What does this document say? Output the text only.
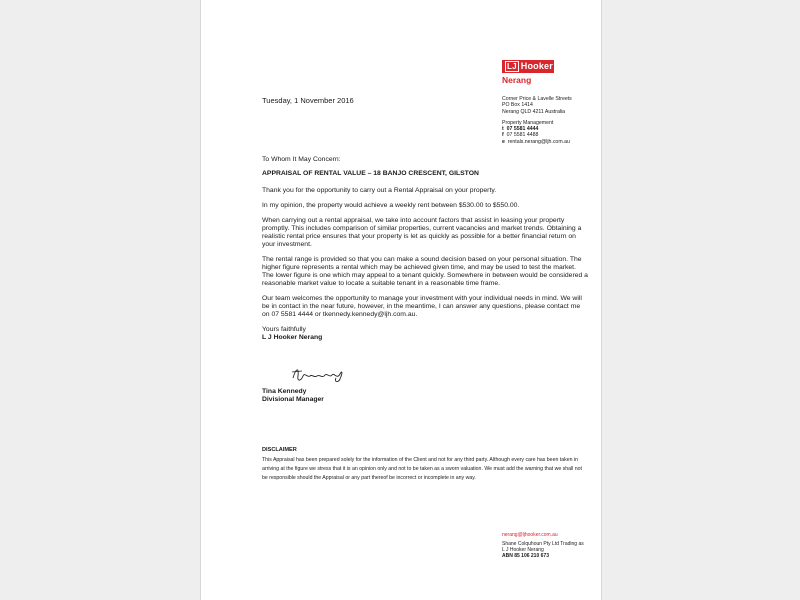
LJ Hooker
Nerang
Tuesday, 1 November 2016	Corner Price & Lavelle Streets
PO Box 1414
Nerang QLD 4211 Australia
Property Management
t 07 5581 4444
f 07 5581 4488
e rentals.nerang@ljh.com.au

To Whom It May Concern:

APPRAISAL OF RENTAL VALUE – 18 BANJO CRESCENT, GILSTON

Thank you for the opportunity to carry out a Rental Appraisal on your property.

In my opinion, the property would achieve a weekly rent between $530.00 to $550.00.

When carrying out a rental appraisal, we take into account factors that assist in leasing your property promptly. This includes comparison of similar properties, current vacancies and market trends. Obtaining a realistic rental price ensures that your property is let as quickly as possible for a better financial return on your investment.

The rental range is provided so that you can make a sound decision based on your personal situation. The higher figure represents a rental which may be achieved given time, and may be used to test the market. The lower figure is one which may appeal to a tenant quickly. Somewhere in between would be considered a reasonable market value to locate a suitable tenant in a reasonable time frame.

Our team welcomes the opportunity to manage your investment with your individual needs in mind. We will be in contact in the near future, however, in the meantime, I can answer any questions, please contact me on 07 5581 4444 or tkennedy.kennedy@ljh.com.au.

Yours faithfully
L J Hooker Nerang
Tina Kennedy
Divisional Manager
DISCLAIMER
This Appraisal has been prepared solely for the information of the Client and not for any third party. Although every care has been taken in arriving at the figure we stress that it is an opinion only and not to be taken as a sworn valuation. We must add the warning that we shall not be responsible should the Appraisal or any part thereof be incorrect or incomplete in any way.
nerang@ljhooker.com.au
Shane Colquhoun Pty Ltd Trading as
L J Hooker Nerang
ABN 85 106 210 673
